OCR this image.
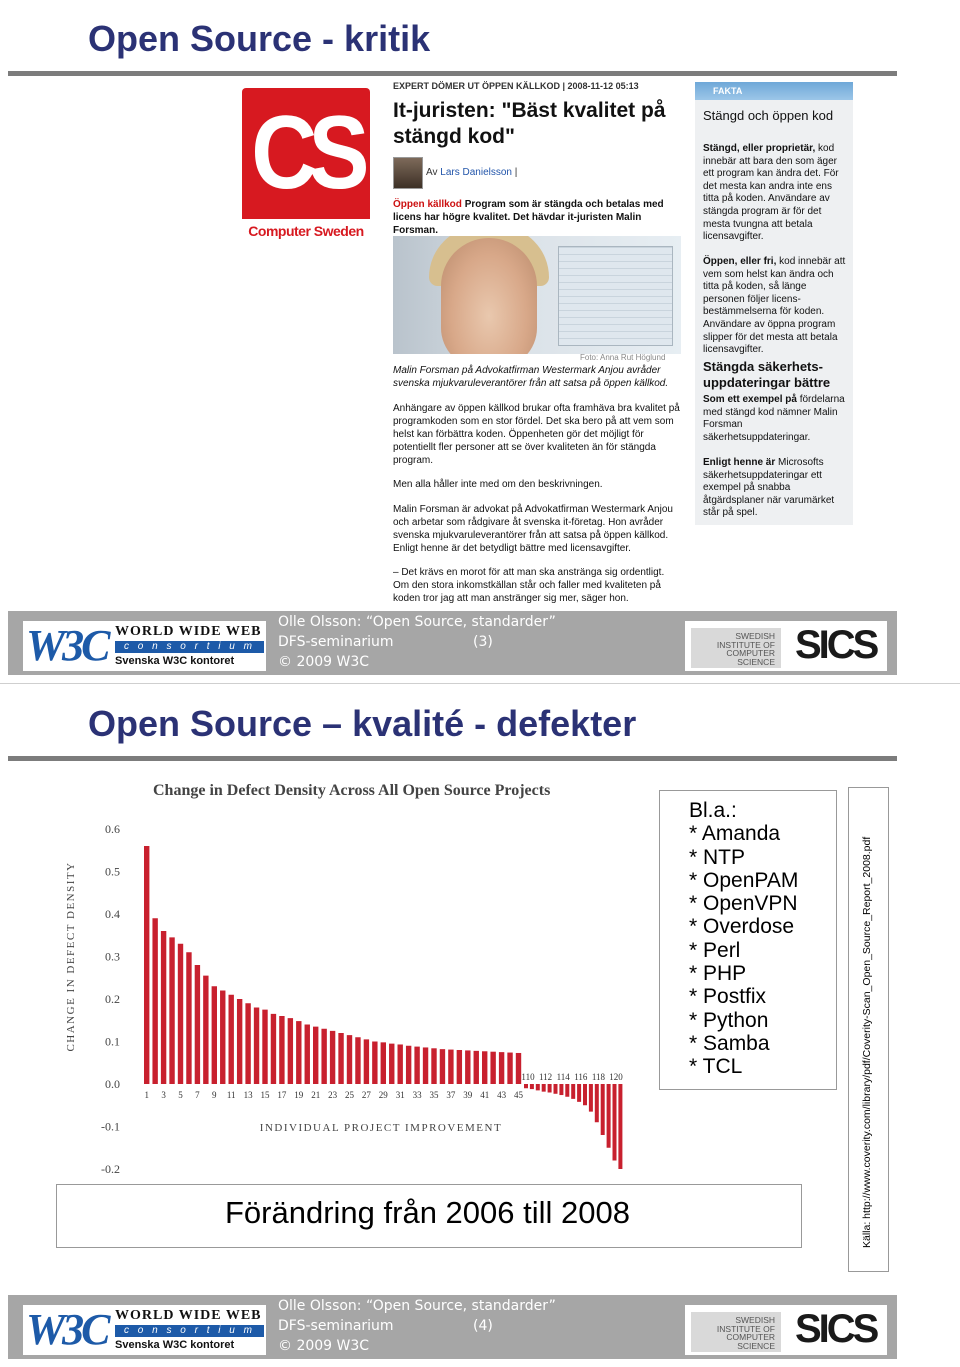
Open Source - kritik
CS
Computer Sweden
EXPERT DÖMER UT ÖPPEN KÄLLKOD | 2008-11-12 05:13
It-juristen: "Bäst kvalitet på stängd kod"
Av Lars Danielsson |
Öppen källkod Program som är stängda och betalas med licens har högre kvalitet. Det hävdar it-juristen Malin Forsman.
Foto: Anna Rut Höglund
Malin Forsman på Advokatfirman Westermark Anjou avråder svenska mjukvaruleverantörer från att satsa på öppen källkod.
Anhängare av öppen källkod brukar ofta framhäva bra kvalitet på programkoden som en stor fördel. Det ska bero på att vem som helst kan förbättra koden. Öppenheten gör det möjligt för potentiellt fler personer att se över kvaliteten än för stängda program.
Men alla håller inte med om den beskrivningen.
Malin Forsman är advokat på Advokatfirman Westermark Anjou och arbetar som rådgivare åt svenska it-företag. Hon avråder svenska mjukvaruleverantörer från att satsa på öppen källkod. Enligt henne är det betydligt bättre med licensavgifter.
– Det krävs en morot för att man ska anstränga sig ordentligt. Om den stora inkomstkällan står och faller med kvaliteten på koden tror jag att man anstränger sig mer, säger hon.
FAKTA
Stängd och öppen kod
Stängd, eller proprietär, kod innebär att bara den som äger ett program kan ändra det. För det mesta kan andra inte ens titta på koden. Användare av stängda program är för det mesta tvungna att betala licensavgifter.
Öppen, eller fri, kod innebär att vem som helst kan ändra och titta på koden, så länge personen följer licens-bestämmelserna för koden. Användare av öppna program slipper för det mesta att betala licensavgifter.
Stängda säkerhets-uppdateringar bättre
Som ett exempel på fördelarna med stängd kod nämner Malin Forsman säkerhetsuppdateringar.
Enligt henne är Microsofts säkerhetsuppdateringar ett exempel på snabba åtgärdsplaner när varumärket står på spel.
W3C WORLD WIDE WEB
c o n s o r t i u m
Svenska W3C kontoret
Olle Olsson: “Open Source, standarder”
DFS-seminarium	(3)
© 2009 W3C
SWEDISH INSTITUTE OF COMPUTER SCIENCE SICS
Open Source – kvalité - defekter
Change in Defect Density Across All Open Source Projects
0.6
0.5
0.4
0.3
0.2
0.1
0.0
-0.1
-0.2
CHANGE IN DEFECT DENSITY
INDIVIDUAL PROJECT IMPROVEMENT
1 3 5 7 9 11 13 15 17 19 21 23 25 27 29 31 33 35 37 39 41 43 45
110 112 114 116 118 120
Bl.a.:
* Amanda
* NTP
* OpenPAM
* OpenVPN
* Overdose
* Perl
* PHP
* Postfix
* Python
* Samba
* TCL	Källa: http://www.coverity.com/library/pdf/Coverity-Scan_Open_Source_Report_2008.pdf
Förändring från 2006 till 2008
W3C WORLD WIDE WEB
c o n s o r t i u m
Svenska W3C kontoret
Olle Olsson: “Open Source, standarder”
DFS-seminarium	(4)
© 2009 W3C
SWEDISH INSTITUTE OF COMPUTER SCIENCE SICS
